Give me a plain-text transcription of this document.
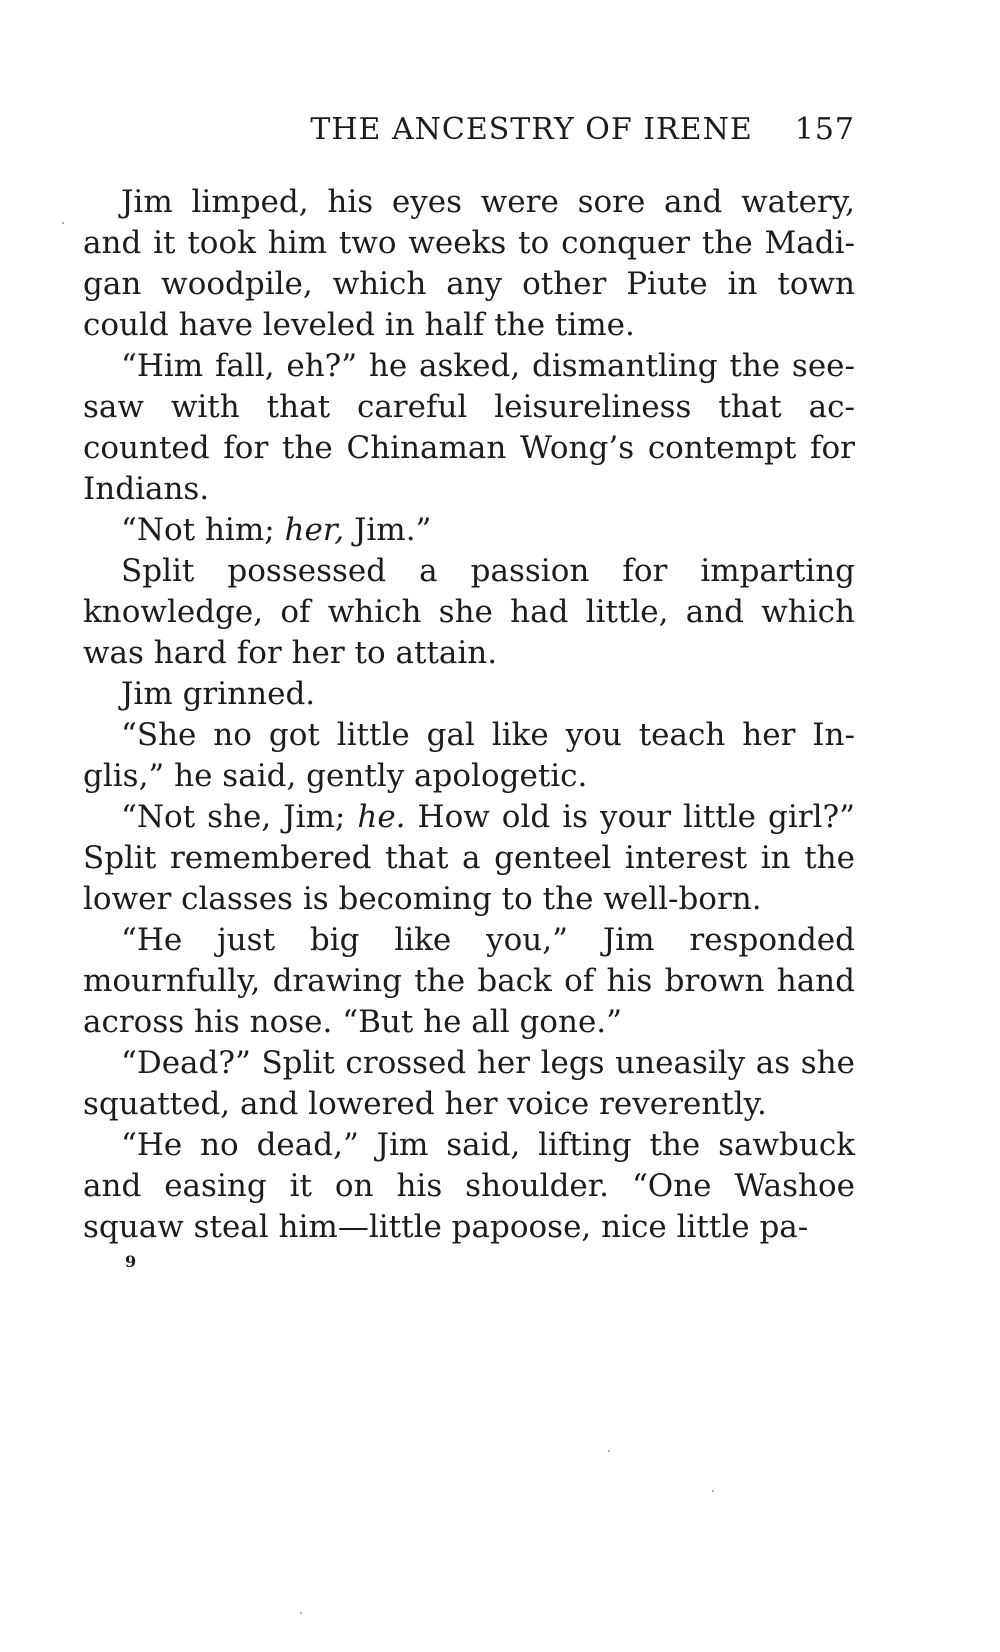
THE ANCESTRY OF IRENE 157

Jim limped, his eyes were sore and watery, and it took him two weeks to conquer the Madigan woodpile, which any other Piute in town could have leveled in half the time.

“Him fall, eh?” he asked, dismantling the see-saw with that careful leisureliness that accounted for the Chinaman Wong’s contempt for Indians.

“Not him; her, Jim.”

Split possessed a passion for imparting knowledge, of which she had little, and which was hard for her to attain.

Jim grinned.

“She no got little gal like you teach her Inglis,” he said, gently apologetic.

“Not she, Jim; he. How old is your little girl?” Split remembered that a genteel interest in the lower classes is becoming to the well-born.

“He just big like you,” Jim responded mournfully, drawing the back of his brown hand across his nose. “But he all gone.”

“Dead?” Split crossed her legs uneasily as she squatted, and lowered her voice reverently.

“He no dead,” Jim said, lifting the sawbuck and easing it on his shoulder. “One Washoe squaw steal him—little papoose, nice little pa-

9
